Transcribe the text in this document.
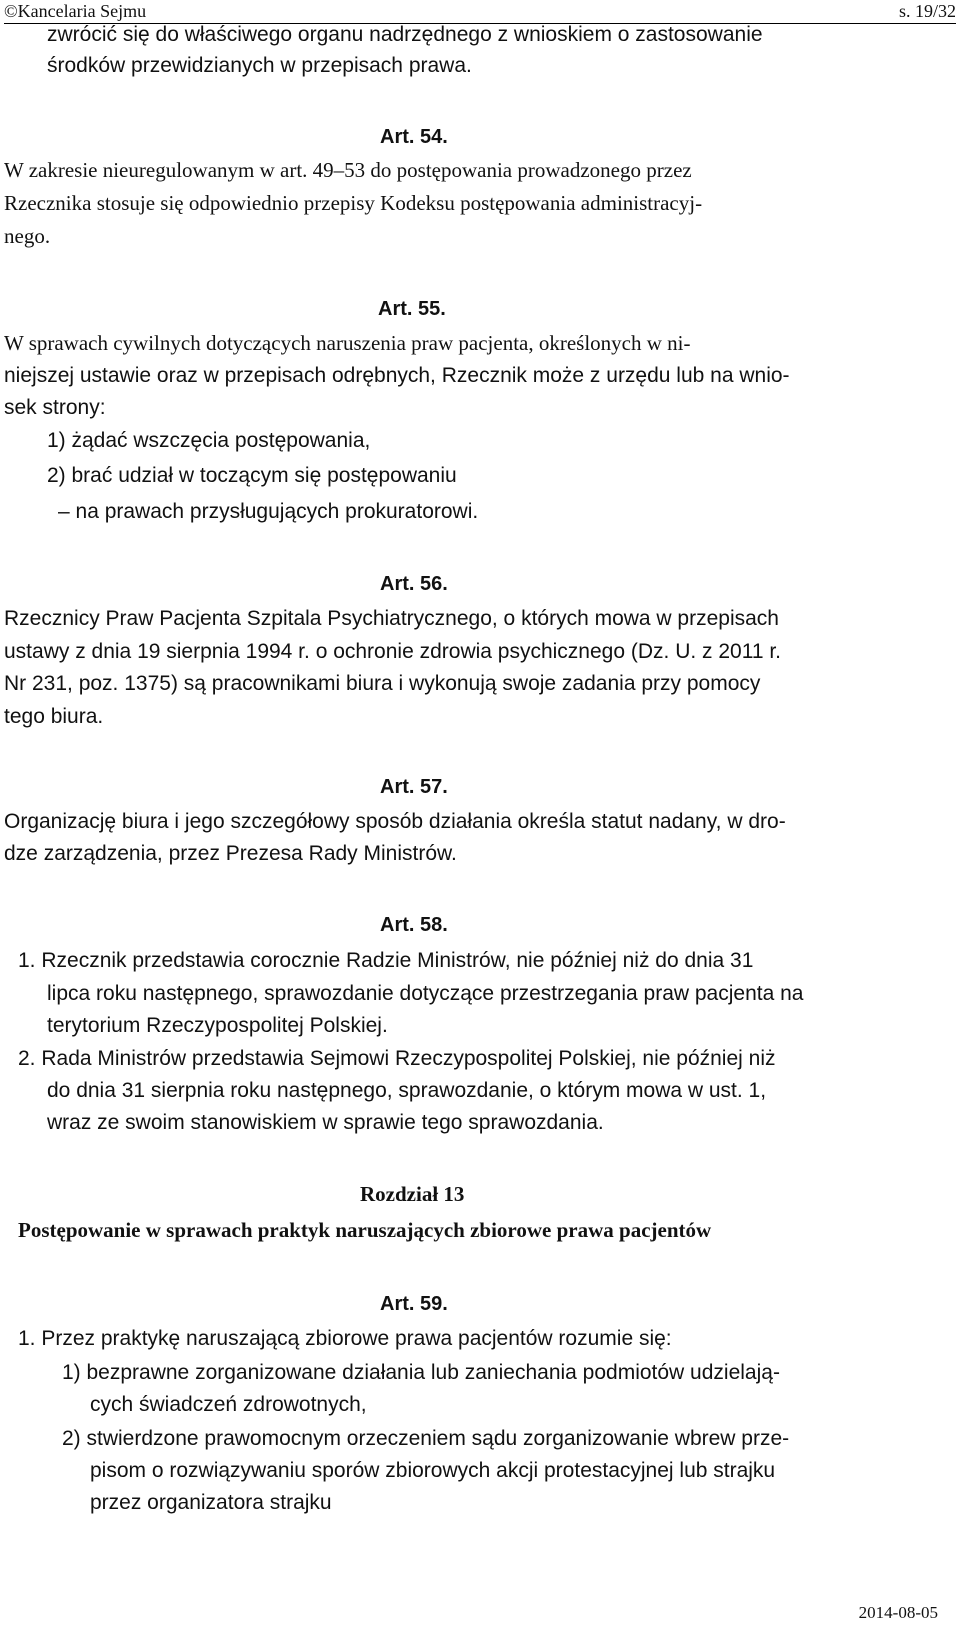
©Kancelaria Sejmu	s. 19/32
zwrócić się do właściwego organu nadrzędnego z wnioskiem o zastosowanie
środków przewidzianych w przepisach prawa.
Art. 54.
W zakresie nieuregulowanym w art. 49–53 do postępowania prowadzonego przez
Rzecznika stosuje się odpowiednio przepisy Kodeksu postępowania administracyj-
nego.
Art. 55.
W sprawach cywilnych dotyczących naruszenia praw pacjenta, określonych w ni-
niejszej ustawie oraz w przepisach odrębnych, Rzecznik może z urzędu lub na wnio-
sek strony:
1) żądać wszczęcia postępowania,
2) brać udział w toczącym się postępowaniu
– na prawach przysługujących prokuratorowi.
Art. 56.
Rzecznicy Praw Pacjenta Szpitala Psychiatrycznego, o których mowa w przepisach
ustawy z dnia 19 sierpnia 1994 r. o ochronie zdrowia psychicznego (Dz. U. z 2011 r.
Nr 231, poz. 1375) są pracownikami biura i wykonują swoje zadania przy pomocy
tego biura.
Art. 57.
Organizację biura i jego szczegółowy sposób działania określa statut nadany, w dro-
dze zarządzenia, przez Prezesa Rady Ministrów.
Art. 58.
1. Rzecznik przedstawia corocznie Radzie Ministrów, nie później niż do dnia 31
lipca roku następnego, sprawozdanie dotyczące przestrzegania praw pacjenta na
terytorium Rzeczypospolitej Polskiej.
2. Rada Ministrów przedstawia Sejmowi Rzeczypospolitej Polskiej, nie później niż
do dnia 31 sierpnia roku następnego, sprawozdanie, o którym mowa w ust. 1,
wraz ze swoim stanowiskiem w sprawie tego sprawozdania.
Rozdział 13
Postępowanie w sprawach praktyk naruszających zbiorowe prawa pacjentów
Art. 59.
1. Przez praktykę naruszającą zbiorowe prawa pacjentów rozumie się:
1) bezprawne zorganizowane działania lub zaniechania podmiotów udzielają-
cych świadczeń zdrowotnych,
2) stwierdzone prawomocnym orzeczeniem sądu zorganizowanie wbrew prze-
pisom o rozwiązywaniu sporów zbiorowych akcji protestacyjnej lub strajku
przez organizatora strajku
2014-08-05
